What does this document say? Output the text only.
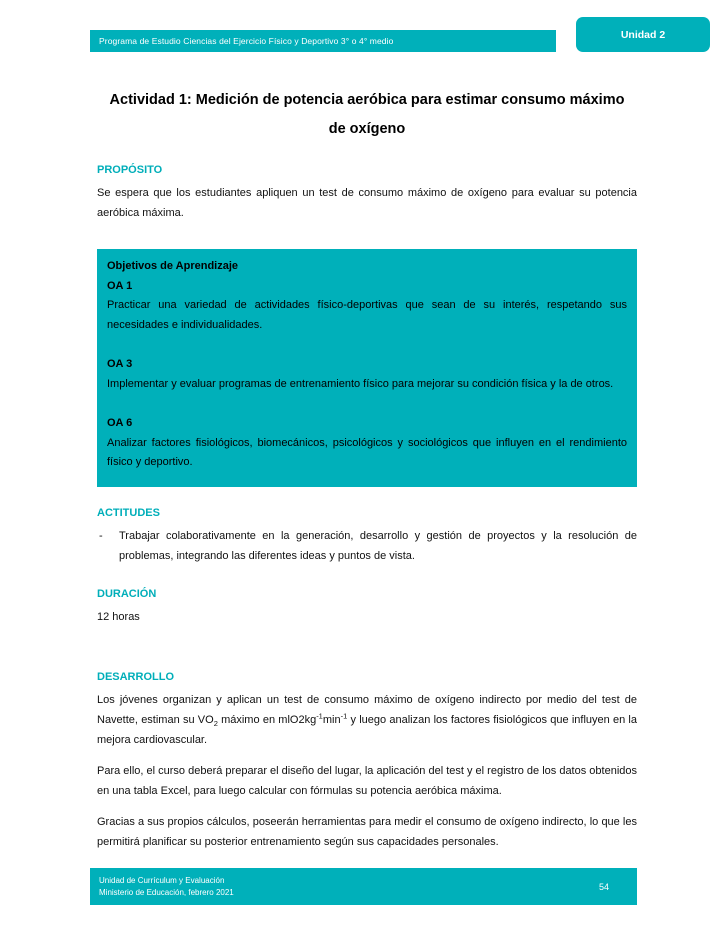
Programa de Estudio Ciencias del Ejercicio Físico y Deportivo 3° o 4° medio
Unidad 2
Actividad 1: Medición de potencia aeróbica para estimar consumo máximo
de oxígeno
PROPÓSITO

Se espera que los estudiantes apliquen un test de consumo máximo de oxígeno para evaluar su potencia aeróbica máxima.

Objetivos de Aprendizaje
OA 1
Practicar una variedad de actividades físico-deportivas que sean de su interés, respetando sus necesidades e individualidades.
OA 3
Implementar y evaluar programas de entrenamiento físico para mejorar su condición física y la de otros.
OA 6
Analizar factores fisiológicos, biomecánicos, psicológicos y sociológicos que influyen en el rendimiento físico y deportivo.
ACTITUDES
- Trabajar colaborativamente en la generación, desarrollo y gestión de proyectos y la resolución de problemas, integrando las diferentes ideas y puntos de vista.
DURACIÓN

12 horas

DESARROLLO

Los jóvenes organizan y aplican un test de consumo máximo de oxígeno indirecto por medio del test de Navette, estiman su $VO_2$ máximo en $mlO2kg^{-1}\min^{-1}$ y luego analizan los factores fisiológicos que influyen en la mejora cardiovascular.

Para ello, el curso deberá preparar el diseño del lugar, la aplicación del test y el registro de los datos obtenidos en una tabla Excel, para luego calcular con fórmulas su potencia aeróbica máxima.

Gracias a sus propios cálculos, poseerán herramientas para medir el consumo de oxígeno indirecto, lo que les permitirá planificar su posterior entrenamiento según sus capacidades personales.

Unidad de Currículum y Evaluación
Ministerio de Educación, febrero 2021
54
